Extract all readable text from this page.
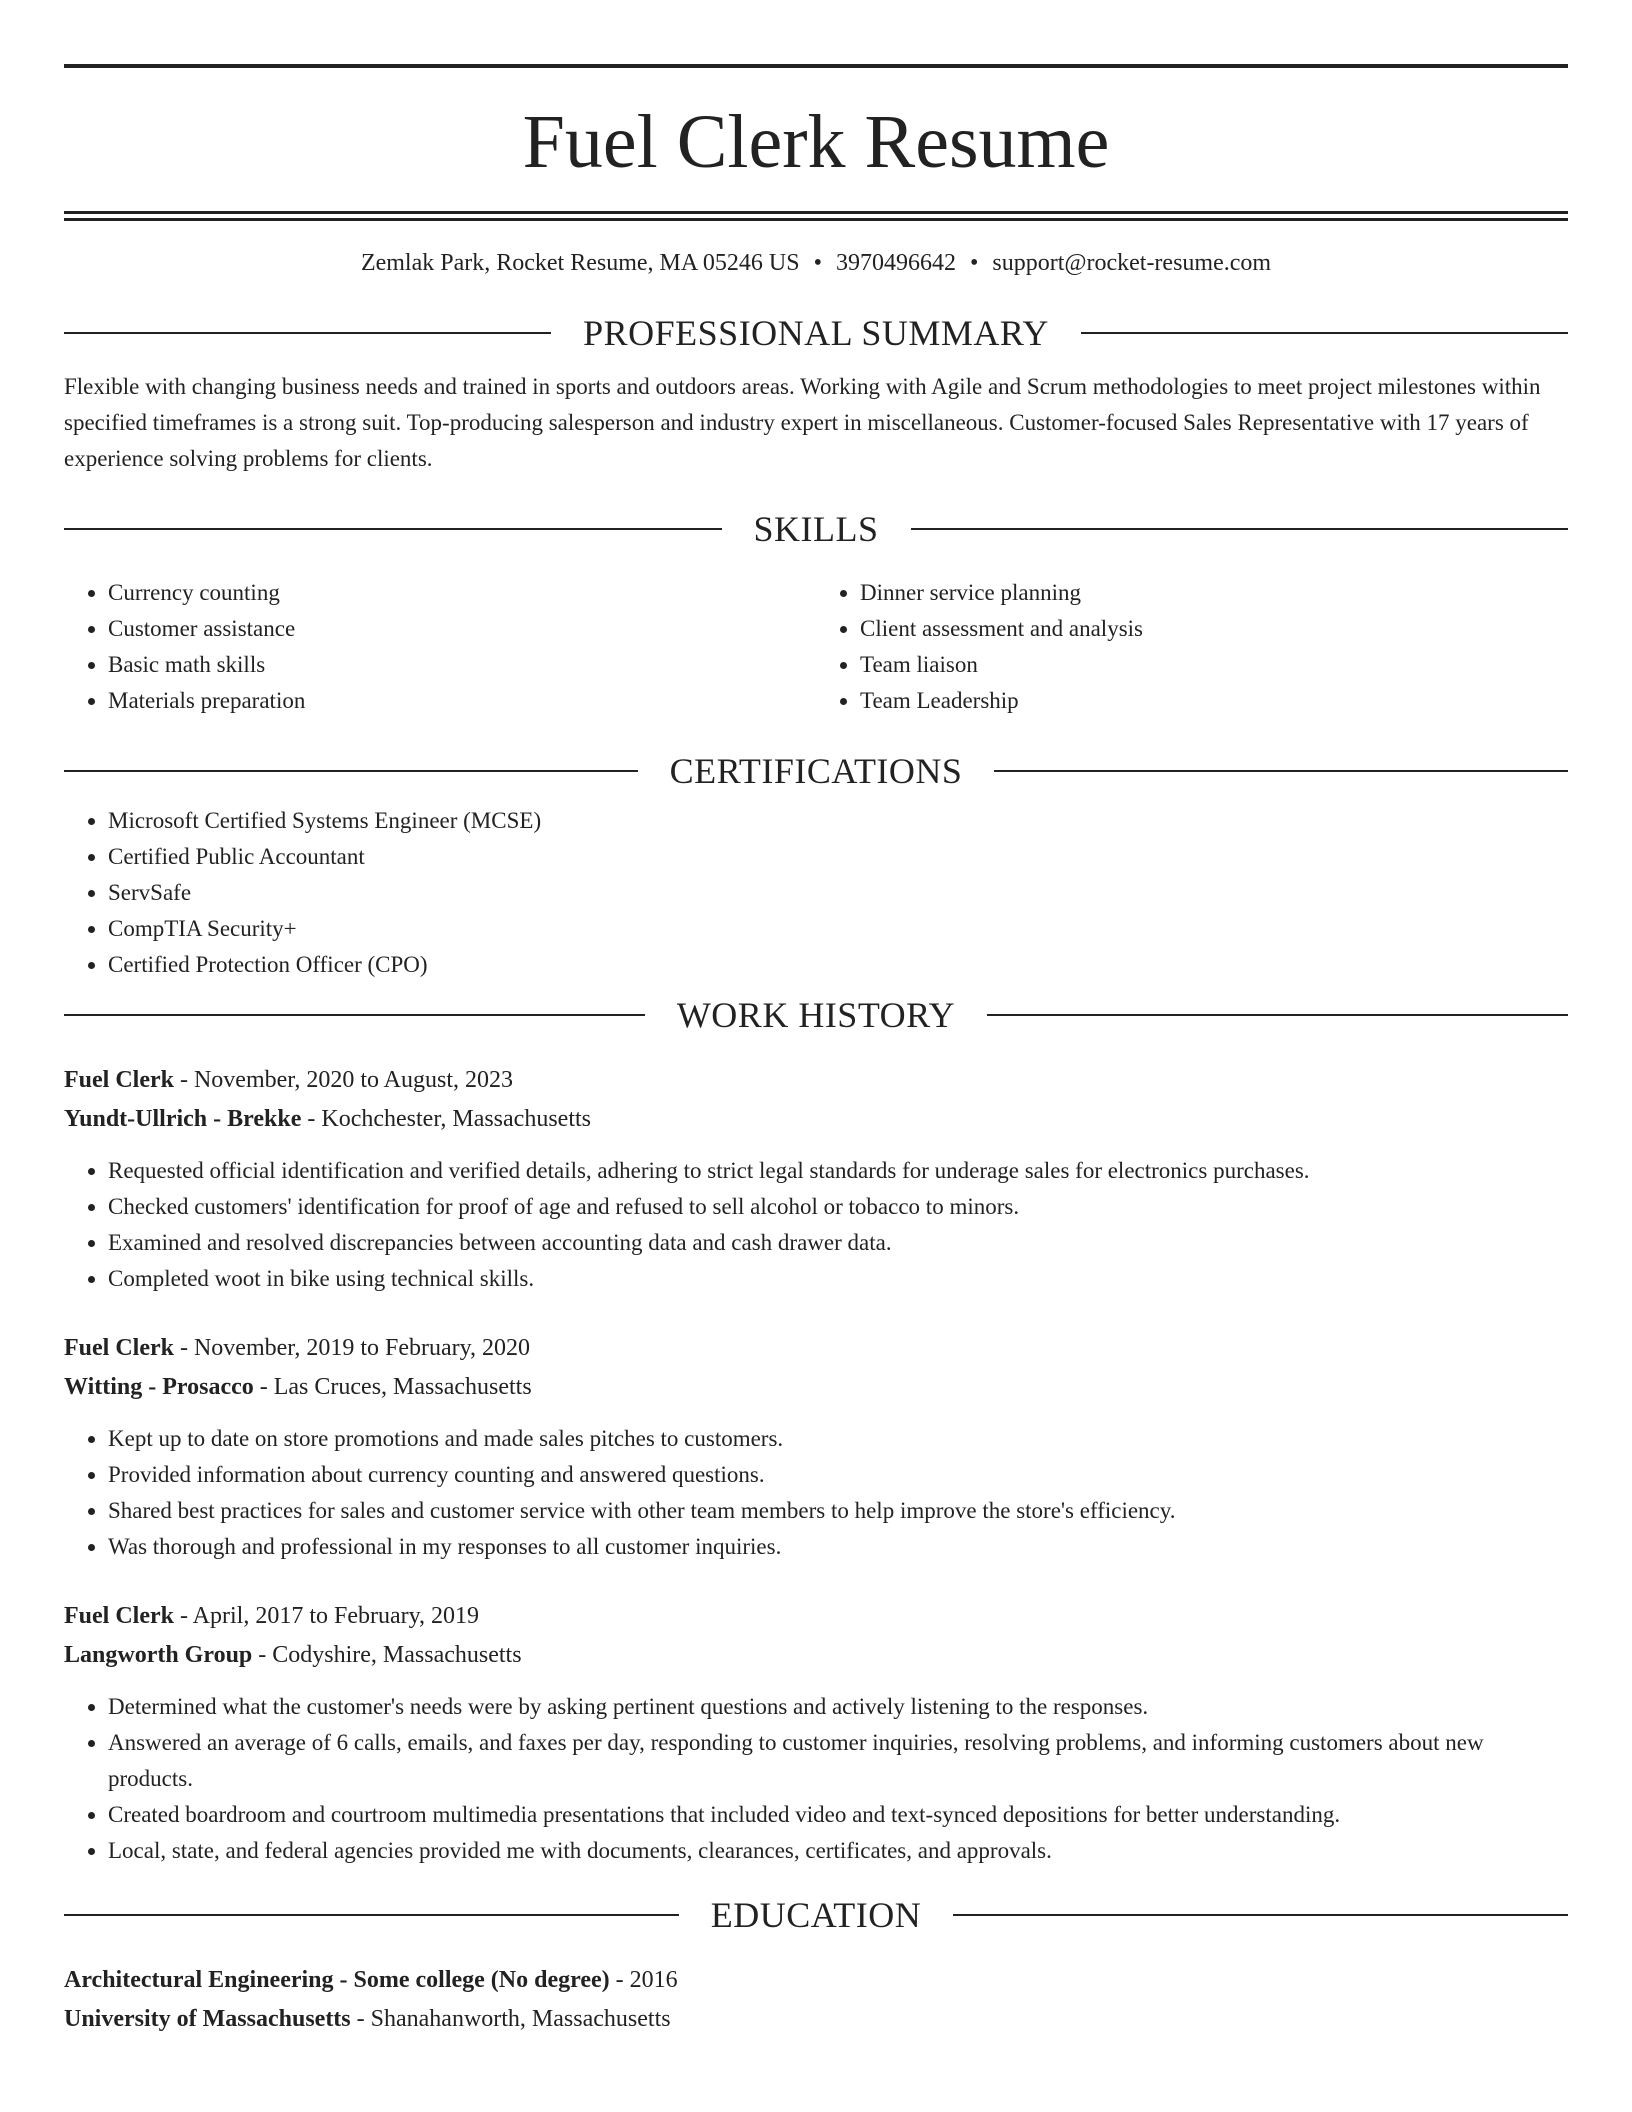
Fuel Clerk Resume
Zemlak Park, Rocket Resume, MA 05246 US • 3970496642 • support@rocket-resume.com
PROFESSIONAL SUMMARY
Flexible with changing business needs and trained in sports and outdoors areas. Working with Agile and Scrum methodologies to meet project milestones within specified timeframes is a strong suit. Top-producing salesperson and industry expert in miscellaneous. Customer-focused Sales Representative with 17 years of experience solving problems for clients.
SKILLS
• Currency counting
• Customer assistance
• Basic math skills
• Materials preparation
• Dinner service planning
• Client assessment and analysis
• Team liaison
• Team Leadership
CERTIFICATIONS
• Microsoft Certified Systems Engineer (MCSE)
• Certified Public Accountant
• ServSafe
• CompTIA Security+
• Certified Protection Officer (CPO)
WORK HISTORY
Fuel Clerk - November, 2020 to August, 2023
Yundt-Ullrich - Brekke - Kochchester, Massachusetts
• Requested official identification and verified details, adhering to strict legal standards for underage sales for electronics purchases.
• Checked customers' identification for proof of age and refused to sell alcohol or tobacco to minors.
• Examined and resolved discrepancies between accounting data and cash drawer data.
• Completed woot in bike using technical skills.
Fuel Clerk - November, 2019 to February, 2020
Witting - Prosacco - Las Cruces, Massachusetts
• Kept up to date on store promotions and made sales pitches to customers.
• Provided information about currency counting and answered questions.
• Shared best practices for sales and customer service with other team members to help improve the store's efficiency.
• Was thorough and professional in my responses to all customer inquiries.
Fuel Clerk - April, 2017 to February, 2019
Langworth Group - Codyshire, Massachusetts
• Determined what the customer's needs were by asking pertinent questions and actively listening to the responses.
• Answered an average of 6 calls, emails, and faxes per day, responding to customer inquiries, resolving problems, and informing customers about new products.
• Created boardroom and courtroom multimedia presentations that included video and text-synced depositions for better understanding.
• Local, state, and federal agencies provided me with documents, clearances, certificates, and approvals.
EDUCATION
Architectural Engineering - Some college (No degree) - 2016
University of Massachusetts - Shanahanworth, Massachusetts
